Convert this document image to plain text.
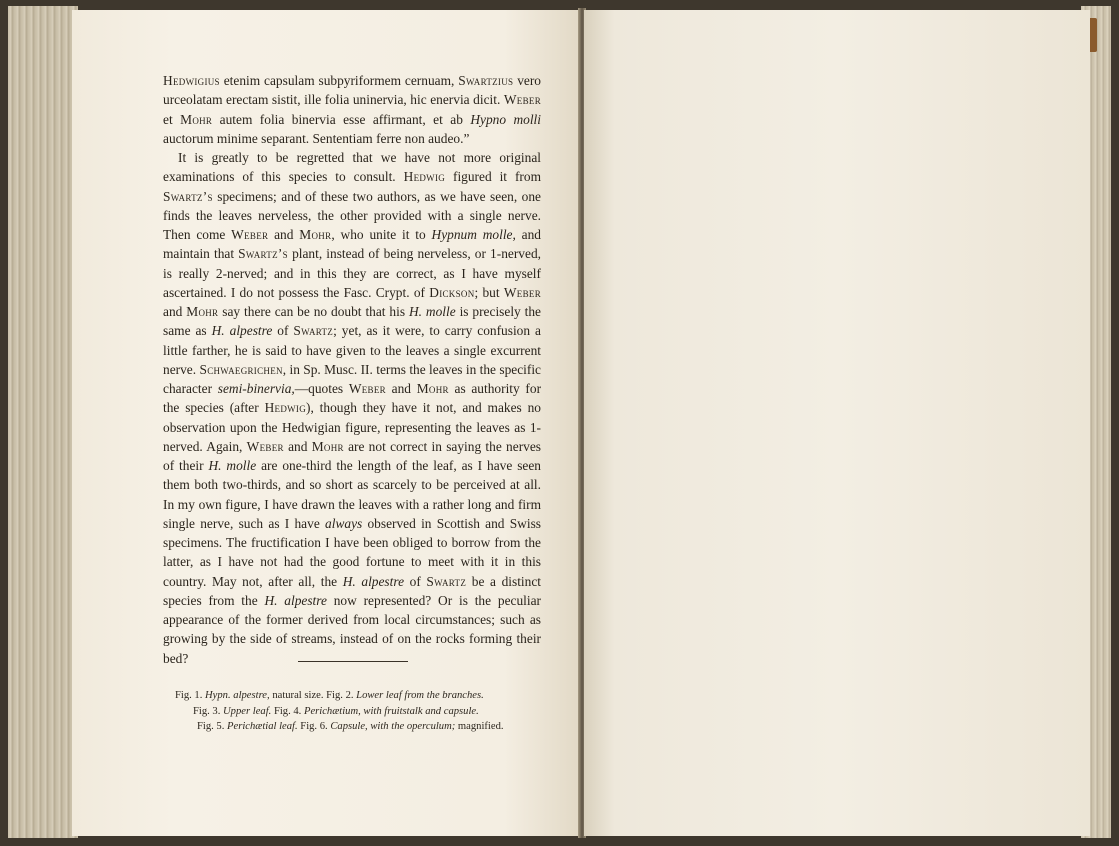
Hedwigius etenim capsulam subpyriformem cernuam, Swartzius vero urceolatam erectam sistit, ille folia uninervia, hic enervia dicit. Weber et Mohr autem folia binervia esse affirmant, et ab Hypno molli auctorum minime separant. Sententiam ferre non audeo.”

It is greatly to be regretted that we have not more original examinations of this species to consult. Hedwig figured it from Swartz’s specimens; and of these two authors, as we have seen, one finds the leaves nerveless, the other provided with a single nerve. Then come Weber and Mohr, who unite it to Hypnum molle, and maintain that Swartz’s plant, instead of being nerveless, or 1-nerved, is really 2-nerved; and in this they are correct, as I have myself ascertained. I do not possess the Fasc. Crypt. of Dickson; but Weber and Mohr say there can be no doubt that his H. molle is precisely the same as H. alpestre of Swartz; yet, as it were, to carry confusion a little farther, he is said to have given to the leaves a single excurrent nerve. Schwaegrichen, in Sp. Musc. II. terms the leaves in the specific character semi-binervia,—quotes Weber and Mohr as authority for the species (after Hedwig), though they have it not, and makes no observation upon the Hedwigian figure, representing the leaves as 1-nerved. Again, Weber and Mohr are not correct in saying the nerves of their H. molle are one-third the length of the leaf, as I have seen them both two-thirds, and so short as scarcely to be perceived at all. In my own figure, I have drawn the leaves with a rather long and firm single nerve, such as I have always observed in Scottish and Swiss specimens. The fructification I have been obliged to borrow from the latter, as I have not had the good fortune to meet with it in this country. May not, after all, the H. alpestre of Swartz be a distinct species from the H. alpestre now represented? Or is the peculiar appearance of the former derived from local circumstances; such as growing by the side of streams, instead of on the rocks forming their bed?

Fig. 1. Hypn. alpestre, natural size. Fig. 2. Lower leaf from the branches.
Fig. 3. Upper leaf. Fig. 4. Perichætium, with fruitstalk and capsule.
Fig. 5. Perichætial leaf. Fig. 6. Capsule, with the operculum; magnified.
